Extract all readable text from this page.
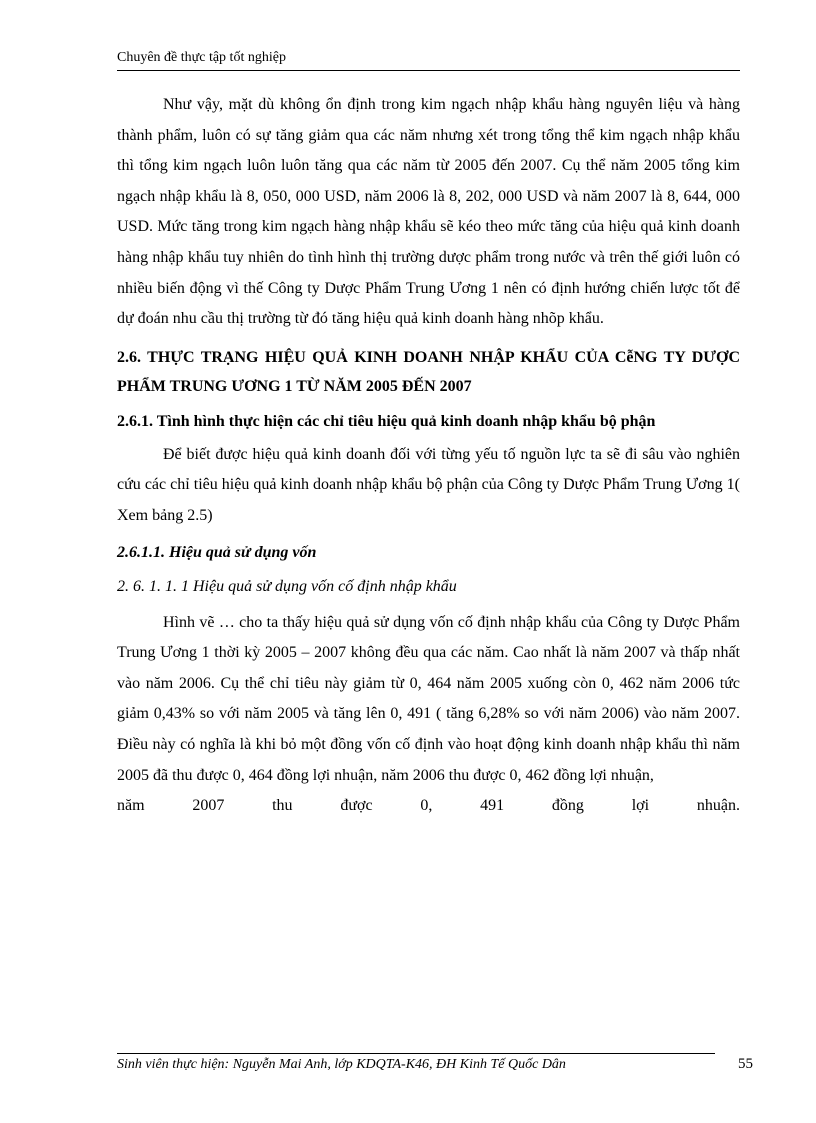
Chuyên đề thực tập tốt nghiệp

Như vậy, mặt dù không ổn định trong kim ngạch nhập khẩu hàng nguyên liệu và hàng thành phẩm, luôn có sự tăng giảm qua các năm nhưng xét trong tổng thể kim ngạch nhập khẩu thì tổng kim ngạch luôn luôn tăng qua các năm từ 2005 đến 2007. Cụ thể năm 2005 tổng kim ngạch nhập khẩu là 8, 050, 000 USD, năm 2006 là 8, 202, 000 USD và năm 2007 là 8, 644, 000 USD. Mức tăng trong kim ngạch hàng nhập khẩu sẽ kéo theo mức tăng của hiệu quả kinh doanh hàng nhập khẩu tuy nhiên do tình hình thị trường dược phẩm trong nước và trên thế giới luôn có nhiều biến động vì thế Công ty Dược Phẩm Trung Ương 1 nên có định hướng chiến lược tốt để dự đoán nhu cầu thị trường từ đó tăng hiệu quả kinh doanh hàng nhõp khẩu.

2.6. THỰC TRẠNG HIỆU QUẢ KINH DOANH NHẬP KHẨU CỦA CễNG TY DƯỢC PHẨM TRUNG ƯƠNG 1 TỪ NĂM 2005 ĐẾN 2007
2.6.1. Tình hình thực hiện các chỉ tiêu hiệu quả kinh doanh nhập khẩu bộ phận

Để biết được hiệu quả kinh doanh đối với từng yếu tố nguồn lực ta sẽ đi sâu vào nghiên cứu các chỉ tiêu hiệu quả kinh doanh nhập khẩu bộ phận của Công ty Dược Phẩm Trung Ương 1( Xem bảng 2.5)

2.6.1.1. Hiệu quả sử dụng vốn
2. 6. 1. 1. 1 Hiệu quả sử dụng vốn cố định nhập khẩu

Hình vẽ … cho ta thấy hiệu quả sử dụng vốn cố định nhập khẩu của Công ty Dược Phẩm Trung Ương 1 thời kỳ 2005 – 2007 không đều qua các năm. Cao nhất là năm 2007 và thấp nhất vào năm 2006. Cụ thể chỉ tiêu này giảm từ 0, 464 năm 2005 xuống còn 0, 462 năm 2006 tức giảm 0,43% so với năm 2005 và tăng lên 0, 491 ( tăng 6,28% so với năm 2006) vào năm 2007. Điều này có nghĩa là khi bỏ một đồng vốn cố định vào hoạt động kinh doanh nhập khẩu thì năm 2005 đã thu được 0, 464 đồng lợi nhuận, năm 2006 thu được 0, 462 đồng lợi nhuận,

năm	2007	thu	được	0,	491	đồng	lợi	nhuận.
Sinh viên thực hiện: Nguyễn Mai Anh, lớp KDQTA-K46, ĐH Kinh Tế Quốc Dân	55
